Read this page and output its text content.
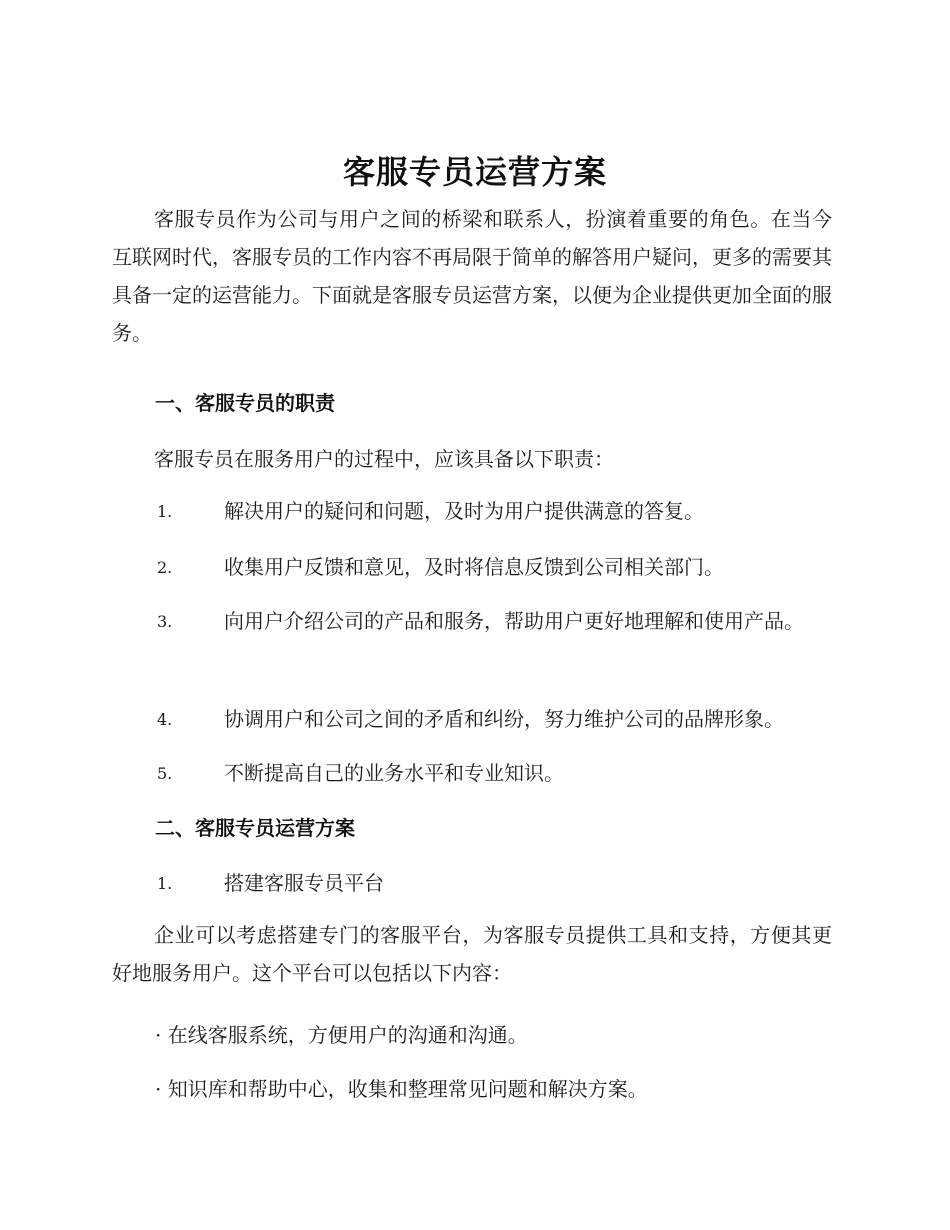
客服专员运营方案
客服专员作为公司与用户之间的桥梁和联系人，扮演着重要的角色。在当今互联网时代，客服专员的工作内容不再局限于简单的解答用户疑问，更多的需要其具备一定的运营能力。下面就是客服专员运营方案，以便为企业提供更加全面的服务。
一、客服专员的职责
客服专员在服务用户的过程中，应该具备以下职责：
1.	解决用户的疑问和问题，及时为用户提供满意的答复。
2.	收集用户反馈和意见，及时将信息反馈到公司相关部门。
3.	向用户介绍公司的产品和服务，帮助用户更好地理解和使用产品。
4.	协调用户和公司之间的矛盾和纠纷，努力维护公司的品牌形象。
5.	不断提高自己的业务水平和专业知识。
二、客服专员运营方案
1.	搭建客服专员平台
企业可以考虑搭建专门的客服平台，为客服专员提供工具和支持，方便其更好地服务用户。这个平台可以包括以下内容：
· 在线客服系统，方便用户的沟通和沟通。
· 知识库和帮助中心，收集和整理常见问题和解决方案。
